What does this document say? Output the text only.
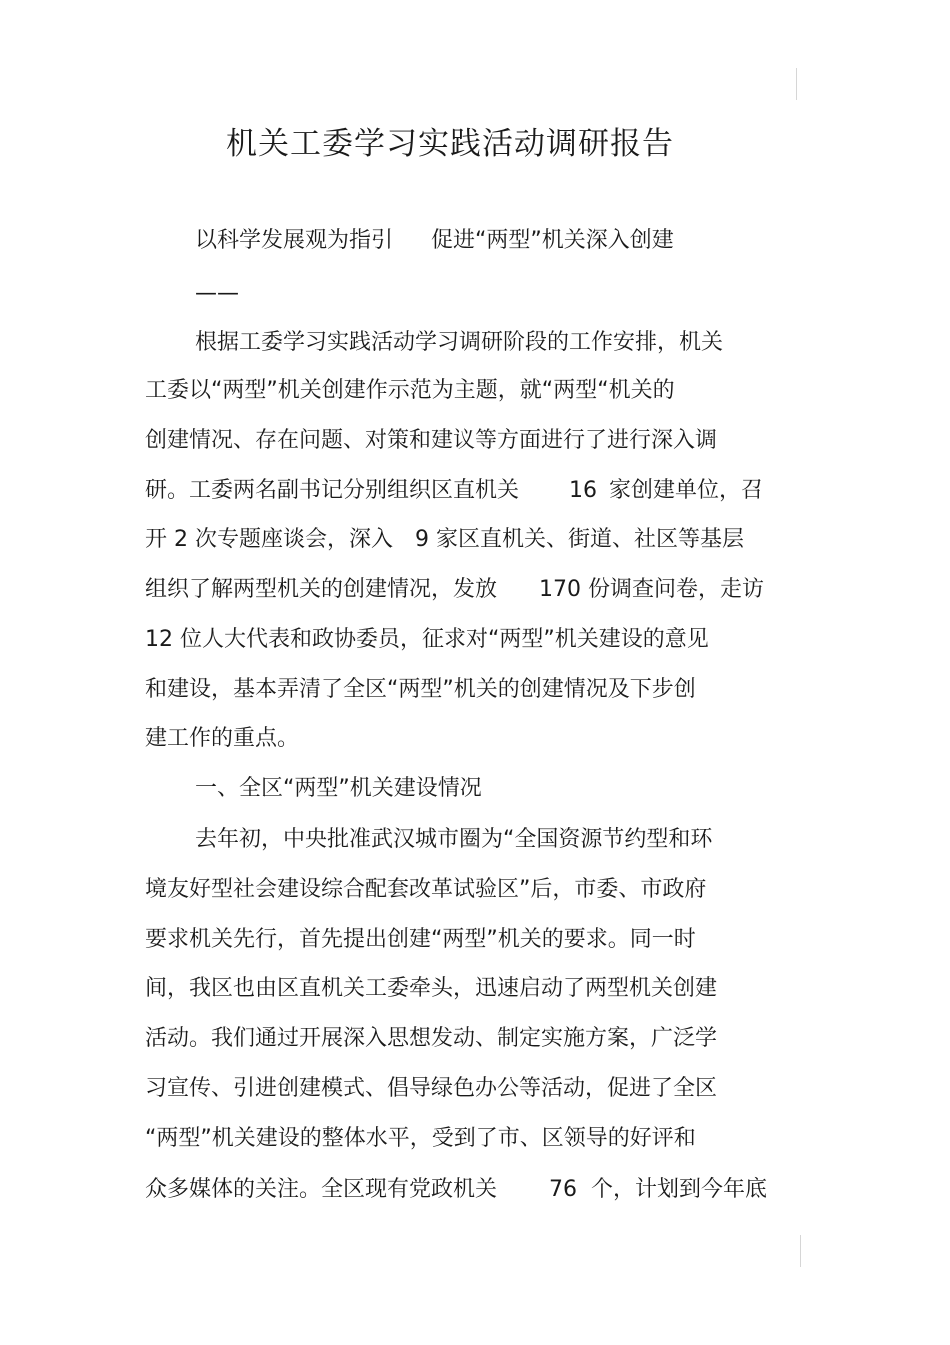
机关工委学习实践活动调研报告
以科学发展观为指引 促进“两型”机关深入创建
——
根据工委学习实践活动学习调研阶段的工作安排，机关
工委以“两型”机关创建作示范为主题，就“两型“机关的
创建情况、存在问题、对策和建议等方面进行了进行深入调
研。工委两名副书记分别组织区直机关 16 家创建单位，召
开 2 次专题座谈会，深入 9 家区直机关、街道、社区等基层
组织了解两型机关的创建情况，发放 170 份调查问卷，走访
12 位人大代表和政协委员，征求对“两型”机关建设的意见
和建设，基本弄清了全区“两型”机关的创建情况及下步创
建工作的重点。
一、全区“两型”机关建设情况
去年初，中央批准武汉城市圈为“全国资源节约型和环
境友好型社会建设综合配套改革试验区”后，市委、市政府
要求机关先行，首先提出创建“两型”机关的要求。同一时
间，我区也由区直机关工委牵头，迅速启动了两型机关创建
活动。我们通过开展深入思想发动、制定实施方案，广泛学
习宣传、引进创建模式、倡导绿色办公等活动，促进了全区
“两型”机关建设的整体水平，受到了市、区领导的好评和
众多媒体的关注。全区现有党政机关 76 个，计划到今年底
